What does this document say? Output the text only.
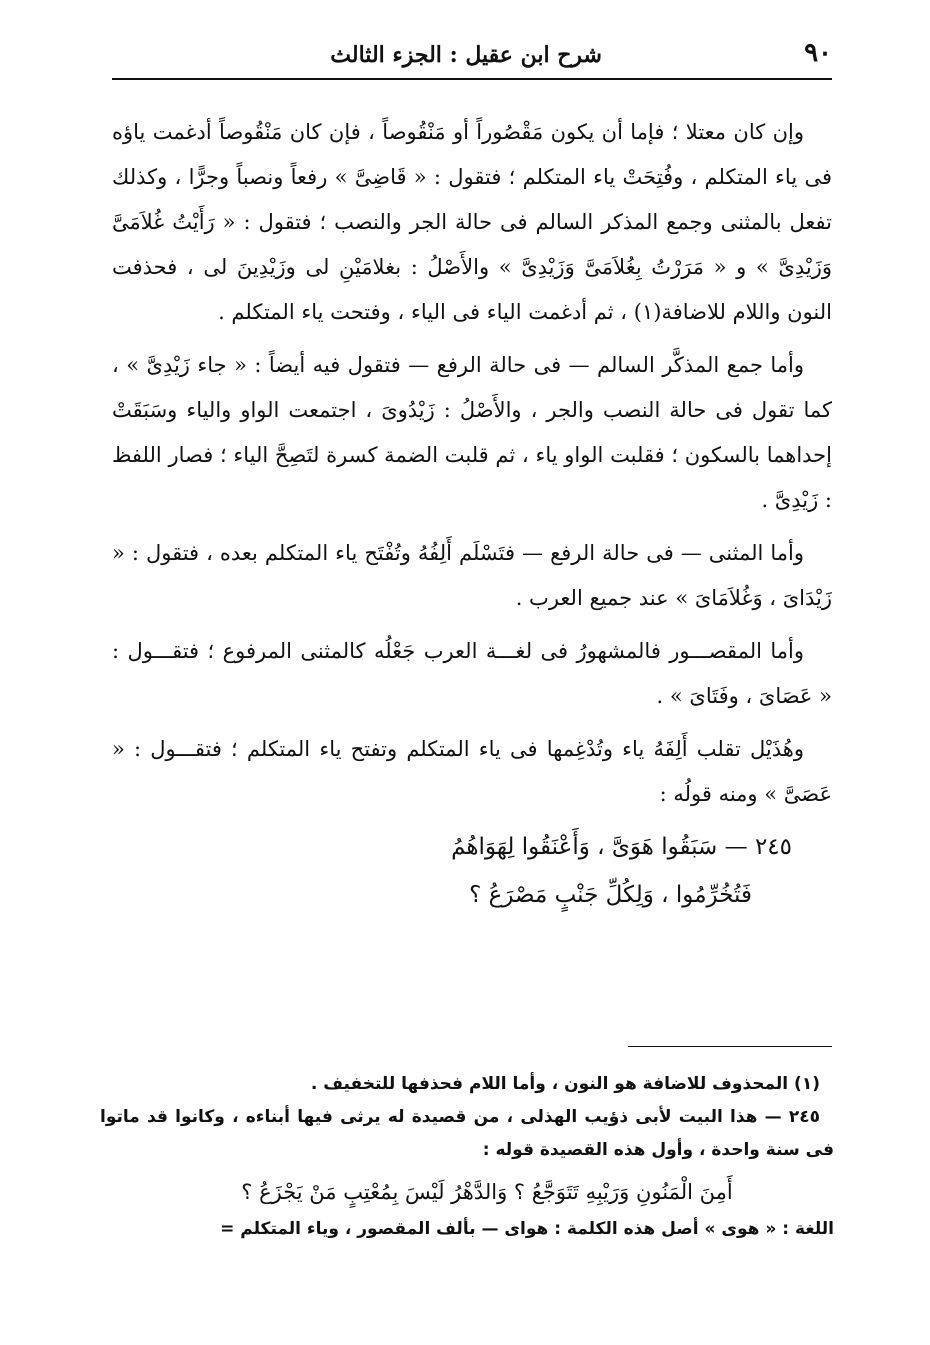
٩٠
شرح ابن عقيل : الجزء الثالث

وإن كان معتلا ؛ فإما أن يكون مَقْصُوراً أو مَنْقُوصاً ، فإن كان مَنْقُوصاً أدغمت ياؤه فى ياء المتكلم ، وفُتِحَتْ ياء المتكلم ؛ فتقول : « قَاضِىَّ » رفعاً ونصباً وجرًّا ، وكذلك تفعل بالمثنى وجمع المذكر السالم فى حالة الجر والنصب ؛ فتقول : « رَأَيْتُ غُلاَمَىَّ وَزَيْدِىَّ » و « مَرَرْتُ بِغُلاَمَىَّ وَزَيْدِىَّ » والأَصْلُ : بغلامَيْنِ لى وزَيْدِينَ لى ، فحذفت النون واللام للاضافة(١) ، ثم أدغمت الياء فى الياء ، وفتحت ياء المتكلم .

وأما جمع المذكَّر السالم — فى حالة الرفع — فتقول فيه أيضاً : « جاء زَيْدِىَّ » ، كما تقول فى حالة النصب والجر ، والأَصْلُ : زَيْدُوىَ ، اجتمعت الواو والياء وسَبَقَتْ إحداهما بالسكون ؛ فقلبت الواو ياء ، ثم قلبت الضمة كسرة لتَصِحَّ الياء ؛ فصار اللفظ : زَيْدِىَّ .

وأما المثنى — فى حالة الرفع — فتَسْلَم أَلِفُهُ وتُفْتَح ياء المتكلم بعده ، فتقول : « زَيْدَاىَ ، وَغُلاَمَاىَ » عند جميع العرب .

وأما المقصـــور فالمشهورُ فى لغـــة العرب جَعْلُه كالمثنى المرفوع ؛ فتقـــول : « عَصَاىَ ، وفَتَاىَ » .

وهُذَيْل تقلب أَلِفَهُ ياء وتُدْغِمها فى ياء المتكلم وتفتح ياء المتكلم ؛ فتقـــول : « عَصَىَّ » ومنه قولُه :

٢٤٥ — سَبَقُوا هَوَىَّ ، وَأَعْنَقُوا لِهَوَاهُمُ
فَتُخُرِّمُوا ، وَلِكُلِّ جَنْبٍ مَصْرَعُ ؟

(١) المحذوف للاضافة هو النون ، وأما اللام فحذفها للتخفيف .

٢٤٥ — هذا البيت لأبى ذؤيب الهذلى ، من قصيدة له يرثى فيها أبناءه ، وكانوا قد ماتوا فى سنة واحدة ، وأول هذه القصيدة قوله :

أَمِنَ الْمَنُونِ وَرَيْبِهِ تَتَوَجَّعُ ؟ وَالدَّهْرُ لَيْسَ بِمُعْتِبٍ مَنْ يَجْزَعُ ؟

اللغة : « هوى » أصل هذه الكلمة : هواى — بألف المقصور ، وياء المتكلم =
